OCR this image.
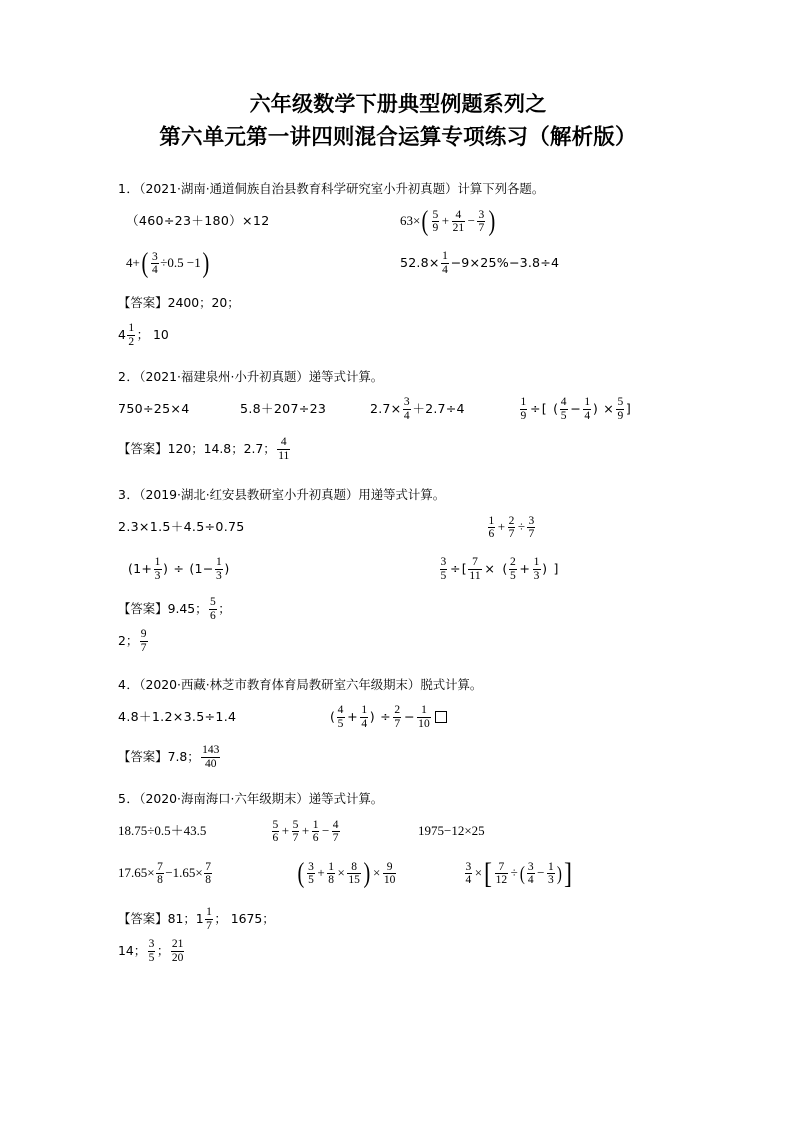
六年级数学下册典型例题系列之
第六单元第一讲四则混合运算专项练习（解析版）
1．（2021·湖南·通道侗族自治县教育科学研究室小升初真题）计算下列各题。
（460÷23＋180）×12	$63\times( \frac{5}{9} + \frac{4}{21} - \frac{3}{7}$ )
$4+( \frac{3}{4} \div 0.5 -1)$	$52.8\times \frac{1}{4} -9\times 25\%-3.8\div 4$
【答案】2400；20；
$4 \frac{1}{2}$ ； 10
2．（2021·福建泉州·小升初真题）递等式计算。
750÷25×4	5.8＋207÷23	$2.7\times \frac{3}{4} +2.7\div 4$	$\frac{1}{9}$ ÷[ ( $\frac{4}{5} - \frac{1}{4}$ ) × $\frac{5}{9}$ ]
【答案】120；14.8；2.7； $\frac{4}{11}$
3．（2019·湖北·红安县教研室小升初真题）用递等式计算。
2.3×1.5＋4.5÷0.75	$\frac{1}{6} + \frac{2}{7} \div \frac{3}{7}$
($1+ \frac{1}{3}$ ) ÷ ($1- \frac{1}{3}$ )	$\frac{3}{5}$ ÷[ $\frac{7}{11}$ × ( $\frac{2}{5} + \frac{1}{3}$ ) ]
【答案】9.45； $\frac{5}{6}$ ；
2； $\frac{9}{7}$
4．（2020·西藏·林芝市教育体育局教研室六年级期末）脱式计算。
4.8＋1.2×3.5÷1.4	( $\frac{4}{5} + \frac{1}{4}$ ) ÷ $\frac{2}{7} - \frac{1}{10}$
【答案】7.8； $\frac{143}{40}$
5．（2020·海南海口·六年级期末）递等式计算。
18.75÷0.5＋43.5	$\frac{5}{6} + \frac{5}{7} + \frac{1}{6} - \frac{4}{7}$	1975−12×25
$17.65\times \frac{7}{8} -1.65\times \frac{7}{8}$	( $\frac{3}{5} + \frac{1}{8} \times \frac{8}{15}$ ) × $\frac{9}{10}$	$\frac{3}{4}$ ×[ $\frac{7}{12}$ ÷( $\frac{3}{4} - \frac{1}{3}$ )]
【答案】81；$1 \frac{1}{7}$ ； 1675；
14； $\frac{3}{5}$ ； $\frac{21}{20}$
